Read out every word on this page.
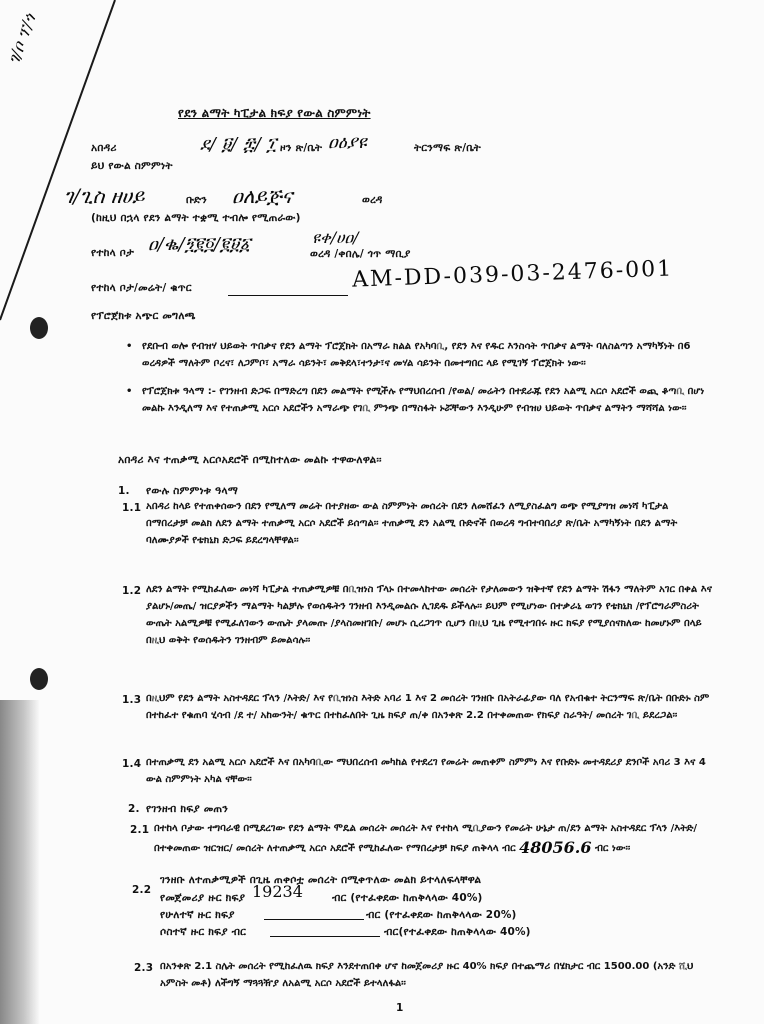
ገ/ቦ ፕ/ጎ
የደን ልማት ካፒታል ክፍያ የውል ስምምነት
አበዳሪ	ደ/ ፱/ ፰/ ፲ ዞን ጽ/ቤት ዐዕያዩ	ትርንማፍ ጽ/ቤት
ይህ የውል ስምምነት
ገ/ጊስ ዘሀይ	ቡድን ዐለይጅና	ወረዳ
(ከዚህ በኋላ የደን ልማት ተቋሚ ተብሎ የሚጠራው)
የተከላ ቦታ ዐ/ቈ/፺፪፬/፪፱፩	ዩቀ/ሀዐ/
ወረዳ /ቀበሌ/ ጎጥ ማቢያ
የተከላ ቦታ/መሬት/ ቁጥር	AM-DD-039-03-2476-001
የፕሮጀክቱ አጭር መግለጫ
• የደቡብ ወሎ የብዝሃ ህይወት ጥበቃና የደን ልማት ፕሮጀክት በአማራ ክልል የአካባቢ, የደን እና የዱር እንስሳት ጥበቃና ልማት ባለስልጣን አማካኝነት በ6 ወረዳዎች ማለትም ቦረና፣ ለጋምቦ፣ አማራ ሳይንት፣ መቅደላ፣ተንታ፣ና መሃል ሳይንት በመተግበር ላይ የሚገኝ ፕሮጀክት ነው፡፡
• የፕሮጀክቱ ዓላማ :- የገንዘብ ድጋፍ በማድረግ በደን መልማት የሚችሉ የማህበረሰብ /የወል/ መሬትን በተደራጁ የደን አልሚ አርሶ አደሮች ወጪ ቆጣቢ በሆነ መልኩ እንዲለማ እና የተጠቃሚ አርሶ አደሮችን አማራጭ የገቢ ምንጭ በማስፋት ኑሯቸውን እንዲሁም የብዝሀ ህይወት ጥበቃና ልማትን ማሻሻል ነው፡፡
አበዳሪ እና ተጠቃሚ አርሶአደሮች በሚከተለው መልኩ ተዋውለዋል፡፡
1. የውሉ ስምምነቱ ዓላማ
1.1 አበዳሪ ከላይ የተጠቀሰውን በደን የሚለማ መሬት በተያዘው ውል ስምምነት መሰረት በደን ለመሸፈን ለሚያስፈልግ ወጭ የሚያግዝ መነሻ ካፒታል በማበረታቻ መልክ ለደን ልማት ተጠቃሚ አርሶ አደሮች ይሰጣል፡፡ ተጠቃሚ ደን አልሚ ቡድኖች በወረዳ ግብተባበሪያ ጽ/ቤት አማካኝነት በደን ልማት ባለሙያዎች የቴክኒክ ድጋፍ ይደረግላቸዋል፡፡
1.2 ለደን ልማት የሚከፈለው መነሻ ካፒታል ተጠቃሚዎቹ በቢዝነስ ፕላኑ በተመላከተው መሰረት የታለመውን ዝቅተኛ የደን ልማት ሽፋን ማለትም አገር በቀል እና ያልሆኑ/መጤ/ ዝርያዎችን ማልማት ካልቻሉ የወሰዱትን ገንዘብ እንዲመልሱ ሊገደዱ ይችላሉ፡፡ ይህም የሚሆነው በተቃራኒ ወገን የቴክኒክ /የፕሮግራምስሪት ውጤት አልሚዎቹ የሚፈለገውን ውጤት ያላመጡ /ያላስመዘገቡ/ መሆኑ ሲረጋገጥ ሲሆን በዚህ ጊዜ የሚተገበሩ ዙር ክፍያ የሚያሰናክለው ከመሆኑም በላይ በዚህ ወቅት የወሰዱትን ገንዘብም ይመልሳሉ፡፡
1.3 በዚህም የደን ልማት አስተዳደር ፕላን /እትድ/ እና የቢዝነስ እትድ አባሪ 1 እና 2 መሰረት ገንዘቡ በአትራፊያው ባለ የአብቁተ ትርንማፍ ጽ/ቤት በቡድኑ ስም በተከፈተ የቁጠባ ሂሳብ /ደ ተ/ አከውንት/ ቁጥር በተከፈለበት ጊዜ ክፍያ ጠ/ቀ በአንቀጽ 2.2 በተቀመጠው የክፍያ ስራዓት/ መሰረት ገቢ ይደረጋል፡፡
1.4 በተጠቃሚ ደን አልሚ አርሶ አደሮች እና በአካባቢው ማህበረሰብ መካከል የተደረገ የመሬት መጠቀም ስምምነ እና የቡድኑ መተዳደሪያ ደንቦች አባሪ 3 እና 4 ውል ስምምነት አካል ናቸው፡፡
2. የገንዘብ ክፍያ መጠን
2.1 በተከላ ቦታው ተግባራዊ በሚደረገው የደን ልማት ሞዴል መሰረት መሰረት እና የተከላ ሚቢያውን የመሬት ሁኔታ ጠ/ደን ልማት አስተዳደር ፕላን /እትድ/ በተቀመጠው ዝርዝር/ መሰረት ለተጠቃሚ አርሶ አደሮች የሚከፈለው የማበረታቻ ክፍያ ጠቅላላ ብር 48056.6 ብር ነው፡፡
2.2
ገንዘቡ ለተጠቃሚዎች በጊዜ ጠቀሶቷ መሰረት በሚቀጥለው መልክ ይተላለፍላቸዋል
የመጀመሪያ ዙር ክፍያ 19234	ብር (የተፈቀደው ከጠቅላላው 40%)
የሁለተኛ ዙር ክፍያ	ብር (የተፈቀደው ከጠቅላላው 20%)
ሶስተኛ ዙር ክፍያ ብር	ብር(የተፈቀደው ከጠቅላላው 40%)
2.3 በአንቀጽ 2.1 ስሌት መሰረት የሚከፈለዉ ክፍያ እንደተጠበቀ ሆኖ ከመጀመሪያ ዙር 40% ክፍያ በተጨማሪ በሄክታር ብር 1500.00 (አንድ ሺህ አምስት መቶ) ለችግኝ ማጓጓዥያ ለአልሚ አርሶ አደሮች ይተላለፋል፡፡
1
